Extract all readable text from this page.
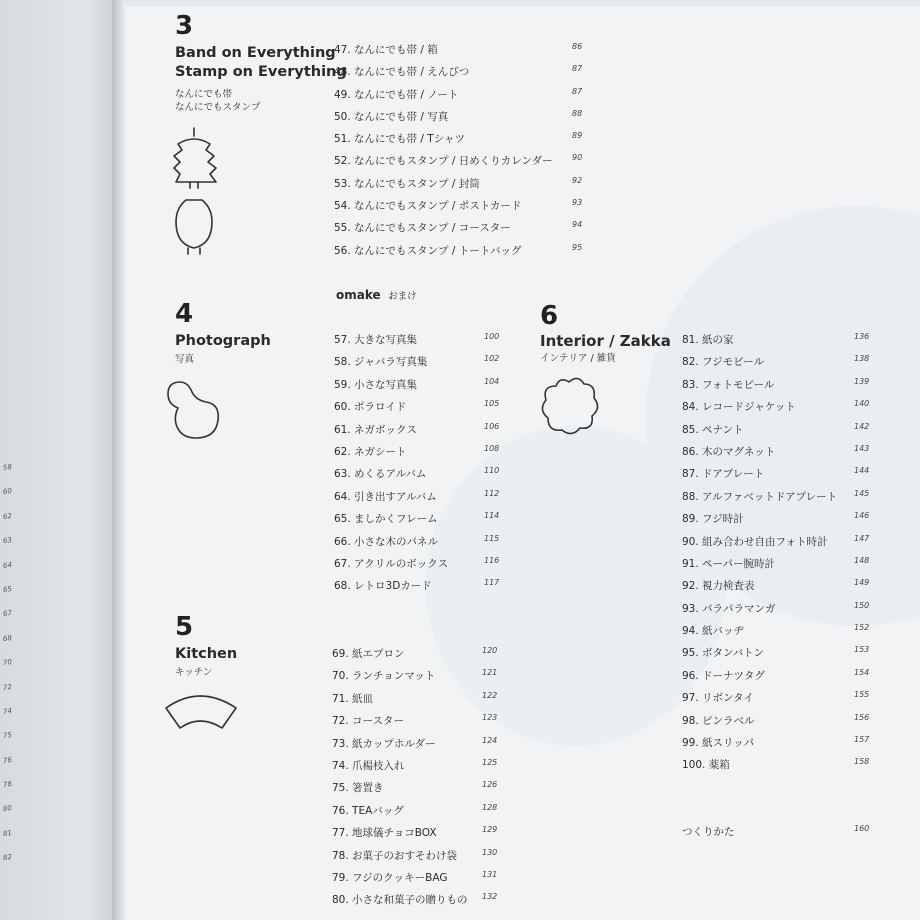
58
60
62
63
64
65
67
68
70
72
74
75
76
78
80
81
82
3
Band on Everything
Stamp on Everything
なんにでも帯
なんにでもスタンプ
47. なんにでも帯 / 箱	86
48. なんにでも帯 / えんぴつ	87
49. なんにでも帯 / ノート	87
50. なんにでも帯 / 写真	88
51. なんにでも帯 / Tシャツ	89
52. なんにでもスタンプ / 日めくりカレンダー 90
53. なんにでもスタンプ / 封筒	92
54. なんにでもスタンプ / ポストカード	93
55. なんにでもスタンプ / コースター	94
56. なんにでもスタンプ / トートバッグ	95
omake おまけ
4
Photograph
写真
57. 大きな写真集	100
58. ジャバラ写真集	102
59. 小さな写真集	104
60. ポラロイド	105
61. ネガボックス	106
62. ネガシート	108
63. めくるアルバム	110
64. 引き出すアルバム	112
65. ましかくフレーム	114
66. 小さな木のパネル	115
67. アクリルのボックス	116
68. レトロ3Dカード	117
5
Kitchen
キッチン
69. 紙エプロン	120
70. ランチョンマット	121
71. 紙皿	122
72. コースター	123
73. 紙カップホルダー	124
74. 爪楊枝入れ	125
75. 箸置き	126
76. TEAバッグ	128
77. 地球儀チョコBOX	129
78. お菓子のおすそわけ袋	130
79. フジのクッキーBAG	131
80. 小さな和菓子の贈りもの 132
6
Interior / Zakka
インテリア / 雑貨
81. 紙の家	136
82. フジモビール	138
83. フォトモビール	139
84. レコードジャケット	140
85. ペナント	142
86. 木のマグネット	143
87. ドアプレート	144
88. アルファベットドアプレート 145
89. フジ時計	146
90. 組み合わせ自由フォト時計	147
91. ペーパー腕時計	148
92. 視力検査表	149
93. パラパラマンガ	150
94. 紙バッヂ	152
95. ボタンバトン	153
96. ドーナツタグ	154
97. リボンタイ	155
98. ピンラベル	156
99. 紙スリッパ	157
100. 薬箱	158
つくりかた	160
